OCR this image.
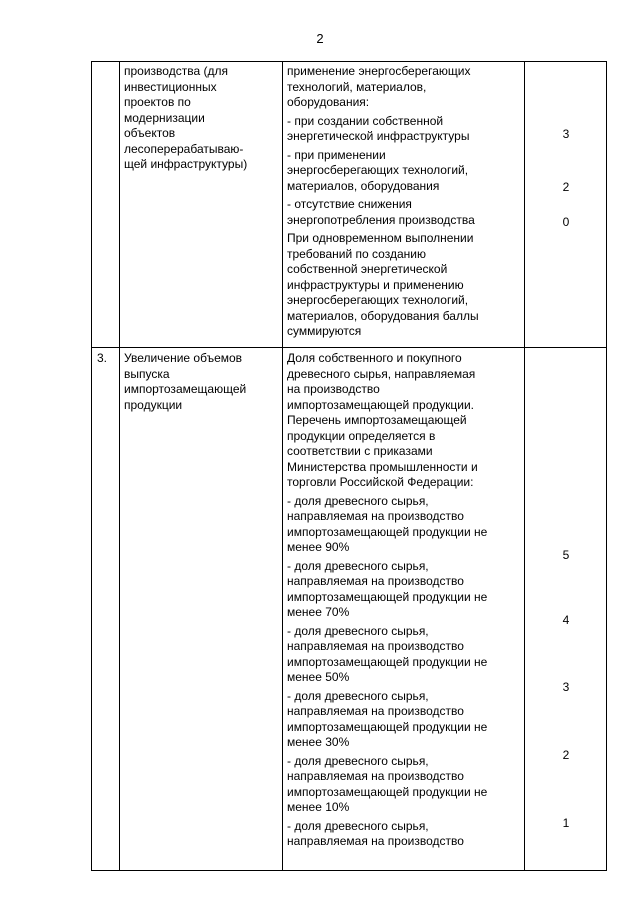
2
производства (для
инвестиционных
проектов по
модернизации
объектов
лесоперерабатываю-
щей инфраструктуры)
применение энергосберегающих
технологий, материалов,
оборудования:
- при создании собственной
энергетической инфраструктуры
- при применении
энергосберегающих технологий,
материалов, оборудования
- отсутствие снижения
энергопотребления производства
При одновременном выполнении
требований по созданию
собственной энергетической
инфраструктуры и применению
энергосберегающих технологий,
материалов, оборудования баллы
суммируются
3
2
0
3.	Увеличение объемов
выпуска
импортозамещающей
продукции
Доля собственного и покупного
древесного сырья, направляемая
на производство
импортозамещающей продукции.
Перечень импортозамещающей
продукции определяется в
соответствии с приказами
Министерства промышленности и
торговли Российской Федерации:
- доля древесного сырья,
направляемая на производство
импортозамещающей продукции не
менее 90%
- доля древесного сырья,
направляемая на производство
импортозамещающей продукции не
менее 70%
- доля древесного сырья,
направляемая на производство
импортозамещающей продукции не
менее 50%
- доля древесного сырья,
направляемая на производство
импортозамещающей продукции не
менее 30%
- доля древесного сырья,
направляемая на производство
импортозамещающей продукции не
менее 10%
- доля древесного сырья,
направляемая на производство
5
4
3
2
1
